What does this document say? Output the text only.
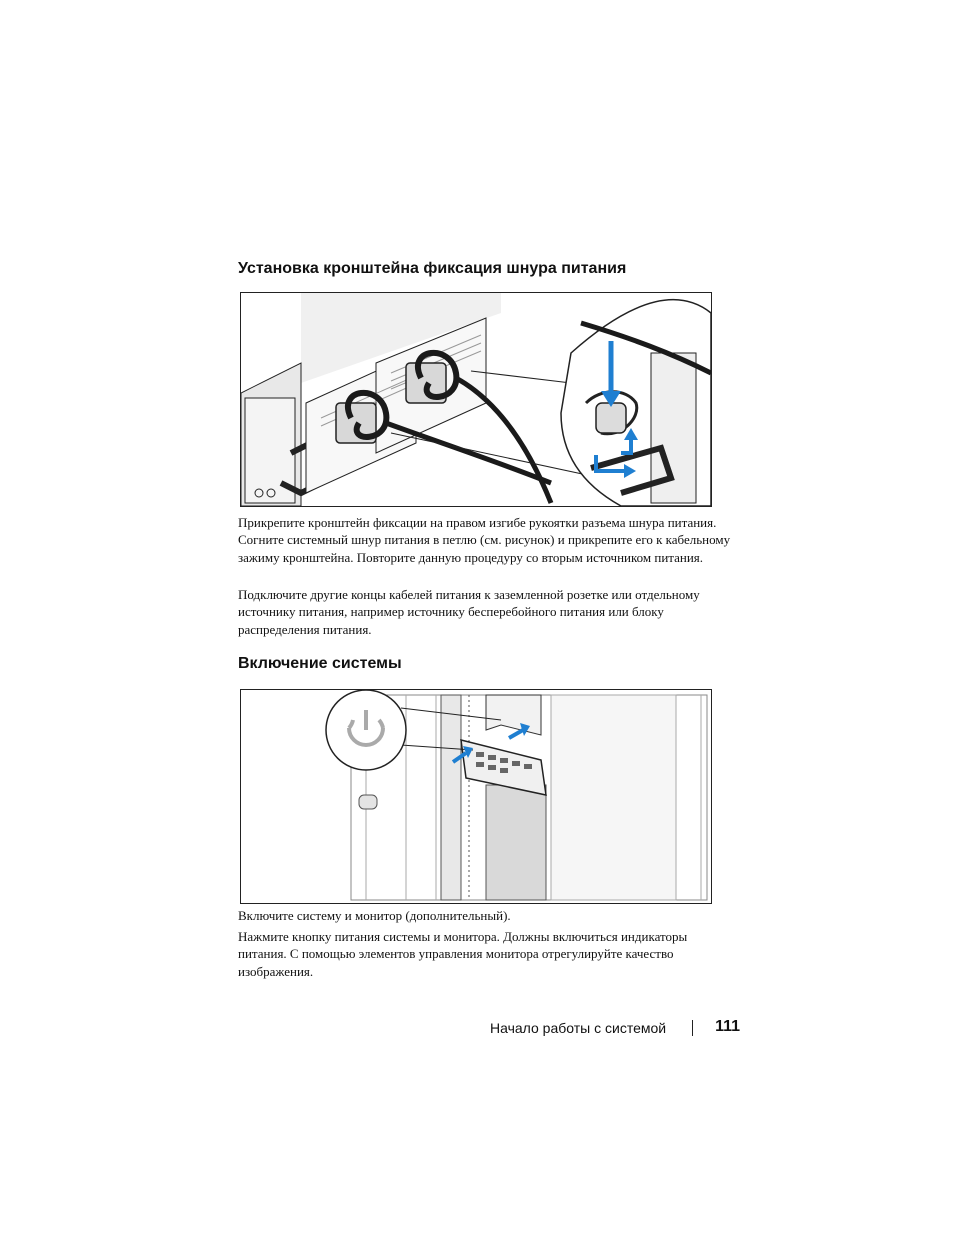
Установка кронштейна фиксация шнура питания

Прикрепите кронштейн фиксации на правом изгибе рукоятки разъема шнура питания. Согните системный шнур питания в петлю (см. рисунок) и прикрепите его к кабельному зажиму кронштейна. Повторите данную процедуру со вторым источником питания.

Подключите другие концы кабелей питания к заземленной розетке или отдельному источнику питания, например источнику бесперебойного питания или блоку распределения питания.

Включение системы

Включите систему и монитор (дополнительный).

Нажмите кнопку питания системы и монитора. Должны включиться индикаторы питания. С помощью элементов управления монитора отрегулируйте качество изображения.

Начало работы с системой	111
